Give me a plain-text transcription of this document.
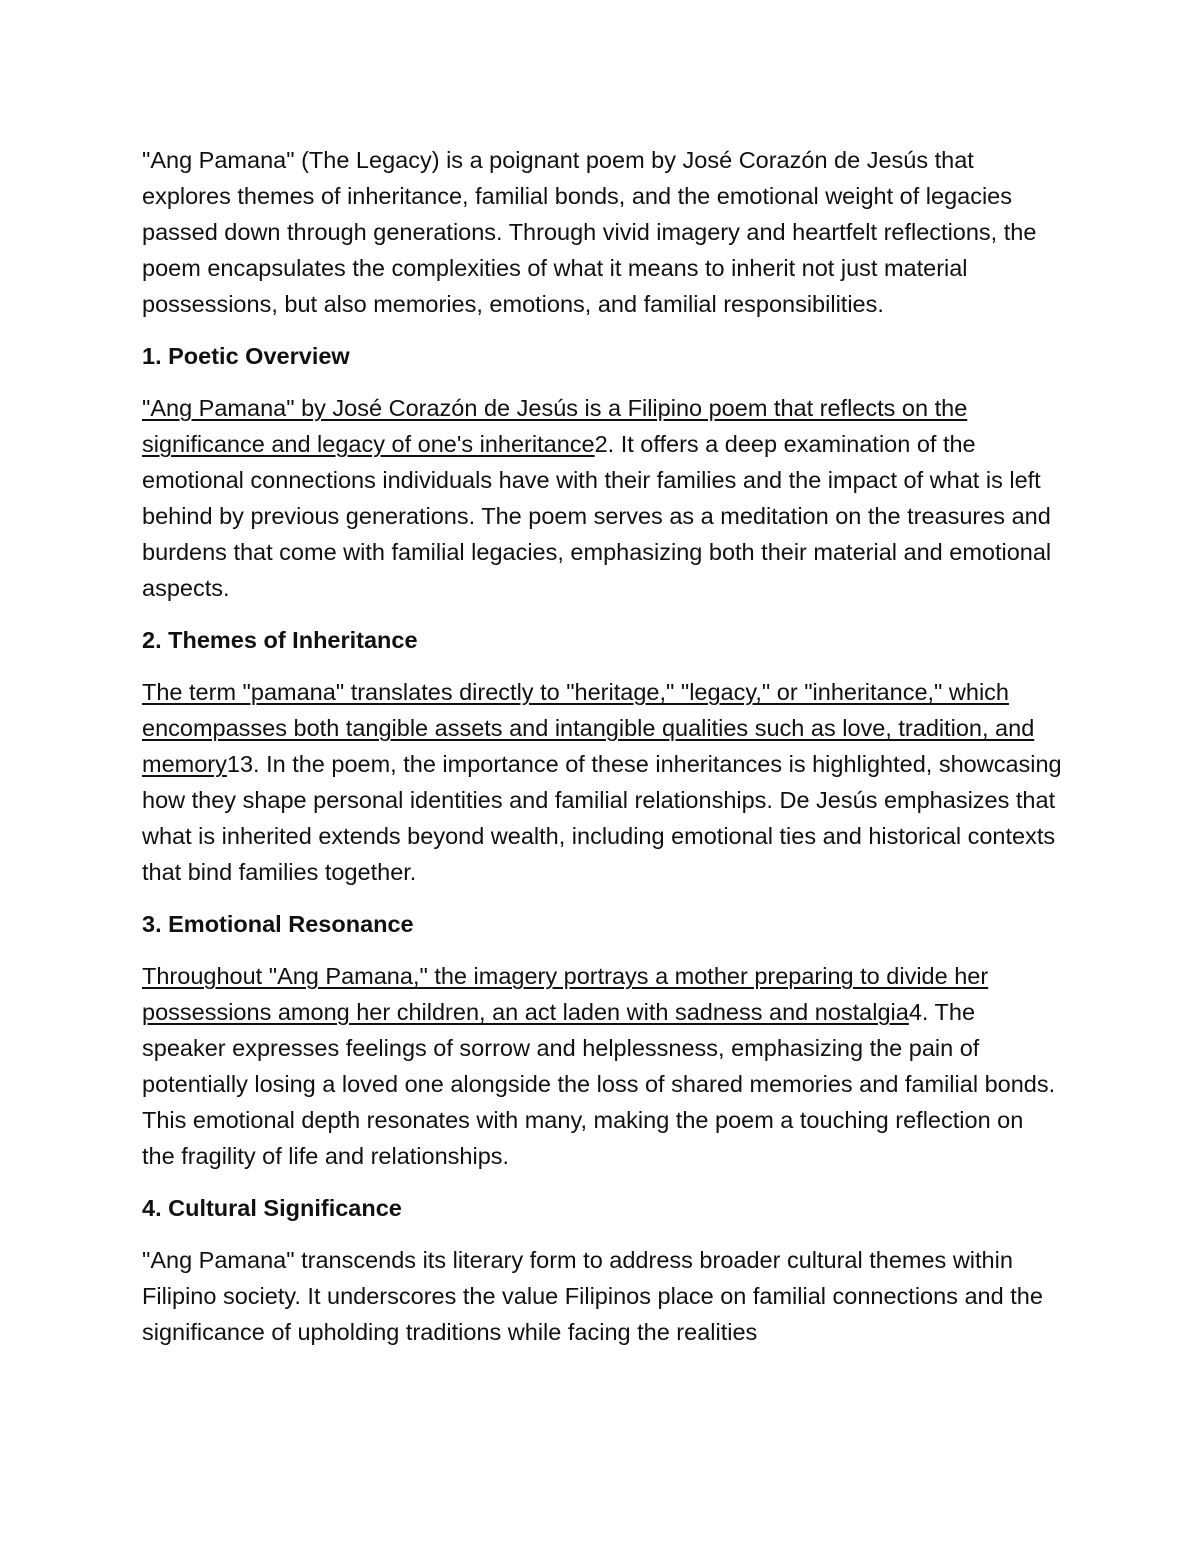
"Ang Pamana" (The Legacy) is a poignant poem by José Corazón de Jesús that explores themes of inheritance, familial bonds, and the emotional weight of legacies passed down through generations. Through vivid imagery and heartfelt reflections, the poem encapsulates the complexities of what it means to inherit not just material possessions, but also memories, emotions, and familial responsibilities.

1. Poetic Overview

"Ang Pamana" by José Corazón de Jesús is a Filipino poem that reflects on the significance and legacy of one's inheritance2. It offers a deep examination of the emotional connections individuals have with their families and the impact of what is left behind by previous generations. The poem serves as a meditation on the treasures and burdens that come with familial legacies, emphasizing both their material and emotional aspects.

2. Themes of Inheritance

The term "pamana" translates directly to "heritage," "legacy," or "inheritance," which encompasses both tangible assets and intangible qualities such as love, tradition, and memory13. In the poem, the importance of these inheritances is highlighted, showcasing how they shape personal identities and familial relationships. De Jesús emphasizes that what is inherited extends beyond wealth, including emotional ties and historical contexts that bind families together.

3. Emotional Resonance

Throughout "Ang Pamana," the imagery portrays a mother preparing to divide her possessions among her children, an act laden with sadness and nostalgia4. The speaker expresses feelings of sorrow and helplessness, emphasizing the pain of potentially losing a loved one alongside the loss of shared memories and familial bonds. This emotional depth resonates with many, making the poem a touching reflection on the fragility of life and relationships.

4. Cultural Significance

"Ang Pamana" transcends its literary form to address broader cultural themes within Filipino society. It underscores the value Filipinos place on familial connections and the significance of upholding traditions while facing the realities
